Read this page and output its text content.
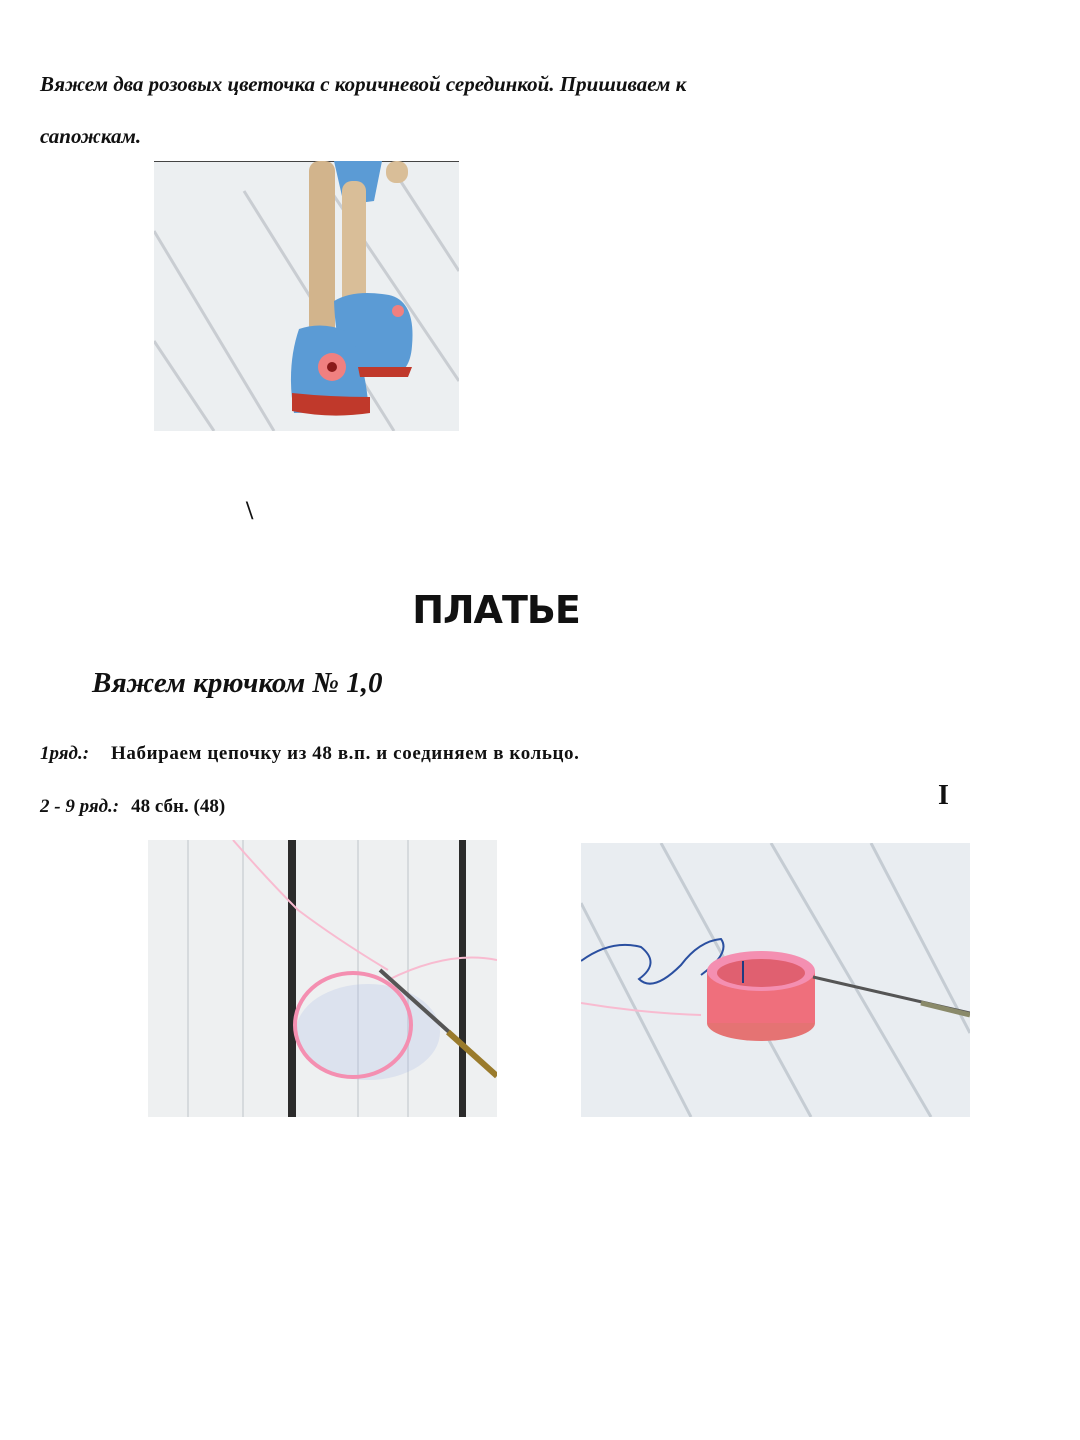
Вяжем два розовых цветочка с коричневой серединкой. Пришиваем к
сапожкам.
\
ПЛАТЬЕ
Вяжем крючком № 1,0
1ряд.: Набираем цепочку из 48 в.п. и соединяем в кольцо.
2 - 9 ряд.: 48 сбн. (48)	I
